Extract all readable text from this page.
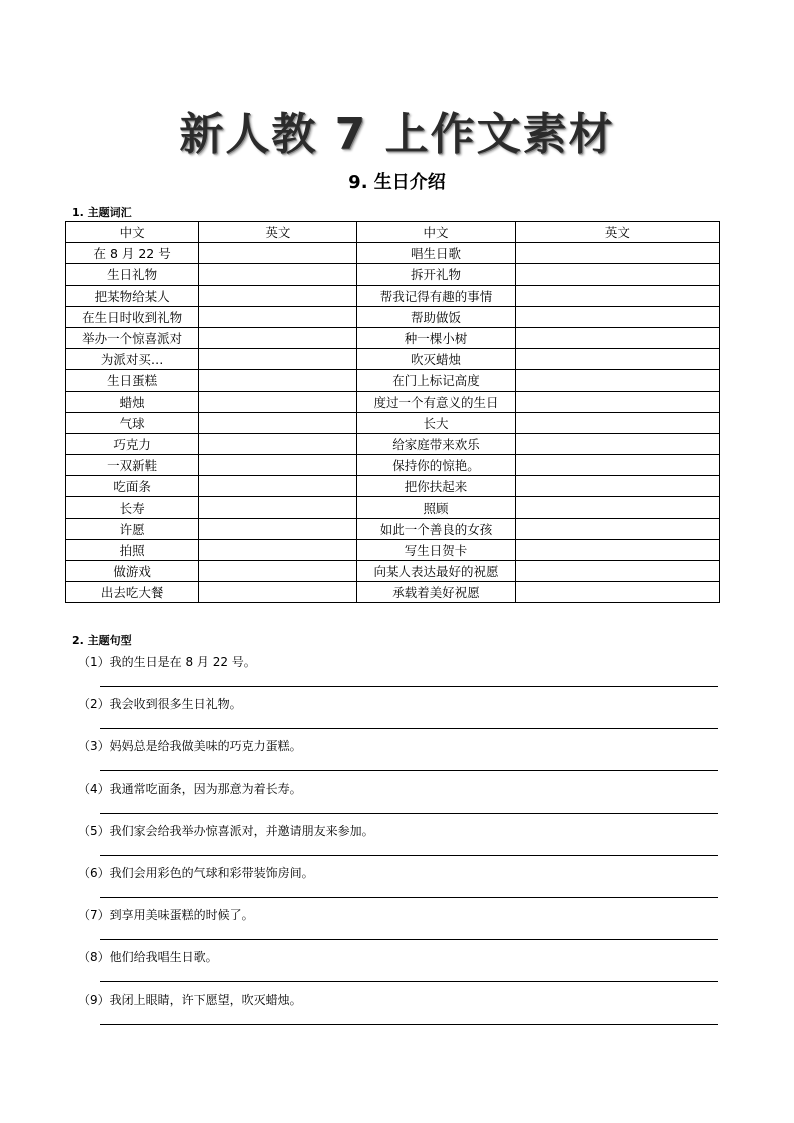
新人教 7 上作文素材
9. 生日介绍
1. 主题词汇
中文	英文	中文	英文
在 8 月 22 号		唱生日歌	
生日礼物		拆开礼物	
把某物给某人		帮我记得有趣的事情	
在生日时收到礼物		帮助做饭	
举办一个惊喜派对		种一棵小树	
为派对买…		吹灭蜡烛	
生日蛋糕		在门上标记高度	
蜡烛		度过一个有意义的生日	
气球		长大	
巧克力		给家庭带来欢乐	
一双新鞋		保持你的惊艳。	
吃面条		把你扶起来	
长寿		照顾	
许愿		如此一个善良的女孩	
拍照		写生日贺卡	
做游戏		向某人表达最好的祝愿	
出去吃大餐		承载着美好祝愿	
2. 主题句型
（1）我的生日是在 8 月 22 号。
（2）我会收到很多生日礼物。
（3）妈妈总是给我做美味的巧克力蛋糕。
（4）我通常吃面条，因为那意为着长寿。
（5）我们家会给我举办惊喜派对，并邀请朋友来参加。
（6）我们会用彩色的气球和彩带装饰房间。
（7）到享用美味蛋糕的时候了。
（8）他们给我唱生日歌。
（9）我闭上眼睛，许下愿望，吹灭蜡烛。
